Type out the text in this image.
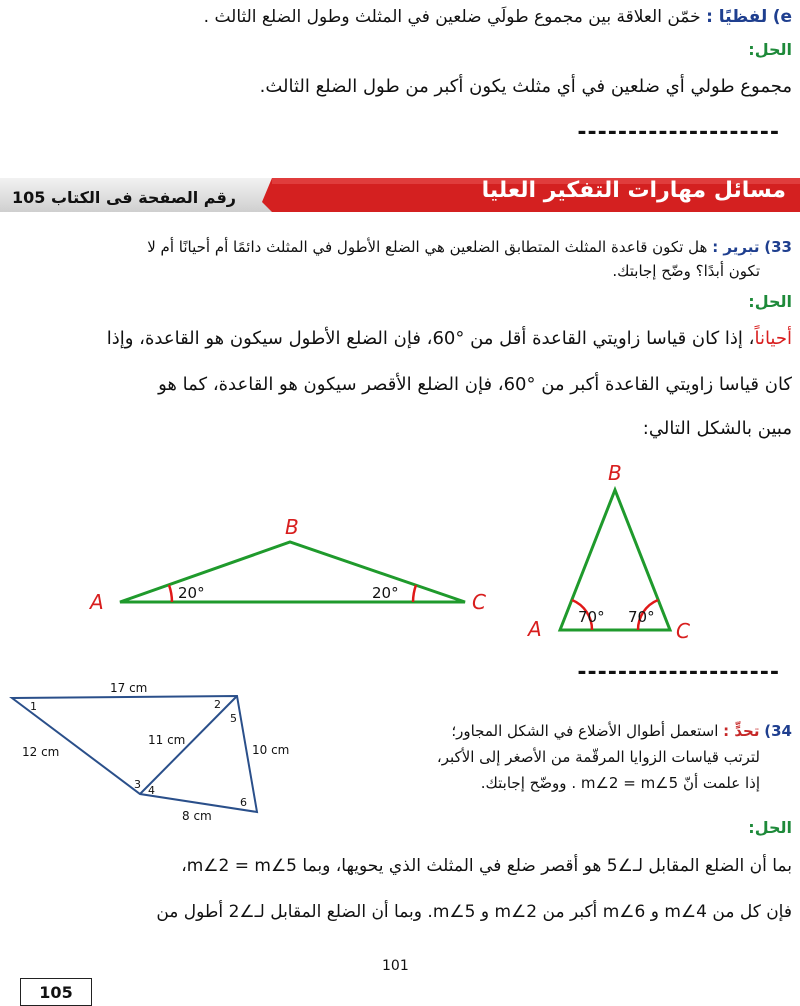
e) لفظيًا : خمّن العلاقة بين مجموع طولَي ضلعين في المثلث وطول الضلع الثالث .
الحل:
مجموع طولي أي ضلعين في أي مثلث يكون أكبر من طول الضلع الثالث.
--------------------
مسائل مهارات التفكير العليا
رقم الصفحة فى الكتاب 105
33) تبرير : هل تكون قاعدة المثلث المتطابق الضلعين هي الضلع الأطول في المثلث دائمًا أم أحيانًا أم لا
تكون أبدًا؟ وضّح إجابتك.
الحل:
أحياناً، إذا كان قياسا زاويتي القاعدة أقل من °60، فإن الضلع الأطول سيكون هو القاعدة، وإذا
كان قياسا زاويتي القاعدة أكبر من °60، فإن الضلع الأقصر سيكون هو القاعدة، كما هو
مبين بالشكل التالي:
A
B
C
20°	20°
A
B
C
70° 70°
--------------------
17 cm
12 cm
11 cm
10 cm
8 cm
1	2
5
3 4
6
34) تحدٍّ : استعمل أطوال الأضلاع في الشكل المجاور؛
لترتب قياسات الزوايا المرقّمة من الأصغر إلى الأكبر،
إذا علمت أنّ m∠2 = m∠5 . ووضّح إجابتك.
الحل:
بما أن الضلع المقابل لـ∠5 هو أقصر ضلع في المثلث الذي يحويها، وبما m∠2 = m∠5،
فإن كل من m∠4 و m∠6 أكبر من m∠2 و m∠5. وبما أن الضلع المقابل لـ∠2 أطول من
101
105
